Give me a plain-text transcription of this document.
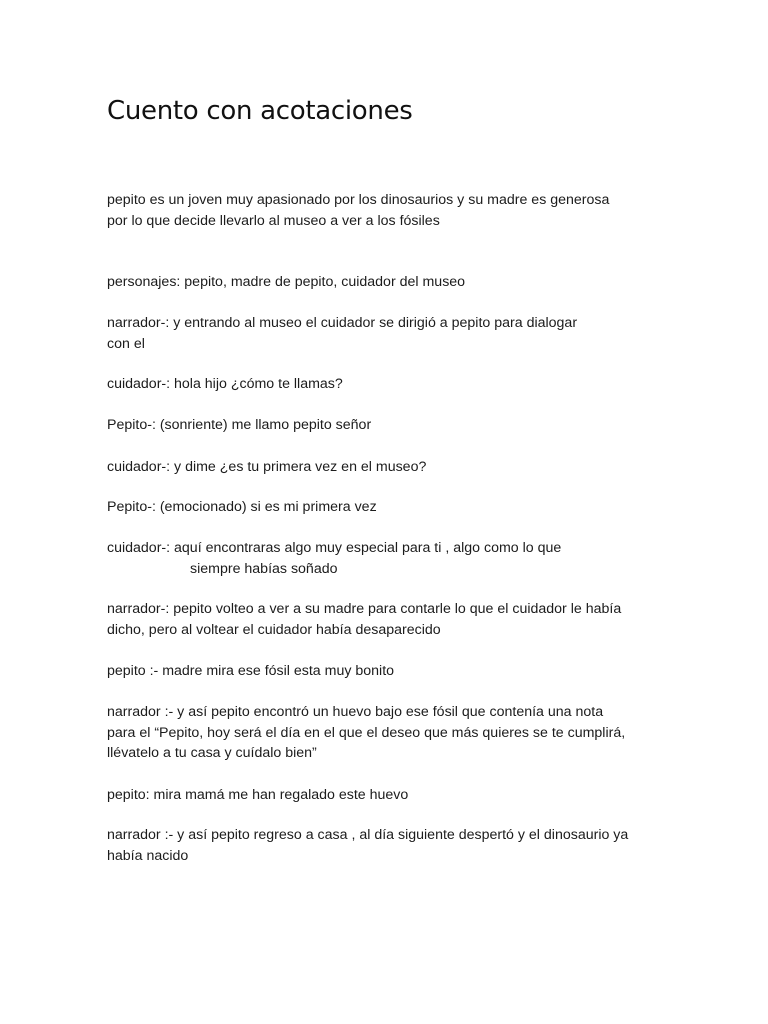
Cuento con acotaciones

pepito es un joven muy apasionado por los dinosaurios y su madre es generosa
por lo que decide llevarlo al museo a ver a los fósiles

personajes: pepito, madre de pepito, cuidador del museo

narrador-: y entrando al museo el cuidador se dirigió a pepito para dialogar
con el

cuidador-: hola hijo ¿cómo te llamas?

Pepito-: (sonriente) me llamo pepito señor

cuidador-: y dime ¿es tu primera vez en el museo?

Pepito-: (emocionado) si es mi primera vez

cuidador-: aquí encontraras algo muy especial para ti , algo como lo que
siempre habías soñado

narrador-: pepito volteo a ver a su madre para contarle lo que el cuidador le había
dicho, pero al voltear el cuidador había desaparecido

pepito :- madre mira ese fósil esta muy bonito

narrador :- y así pepito encontró un huevo bajo ese fósil que contenía una nota
para el “Pepito, hoy será el día en el que el deseo que más quieres se te cumplirá,
llévatelo a tu casa y cuídalo bien”

pepito: mira mamá me han regalado este huevo

narrador :- y así pepito regreso a casa , al día siguiente despertó y el dinosaurio ya
había nacido
